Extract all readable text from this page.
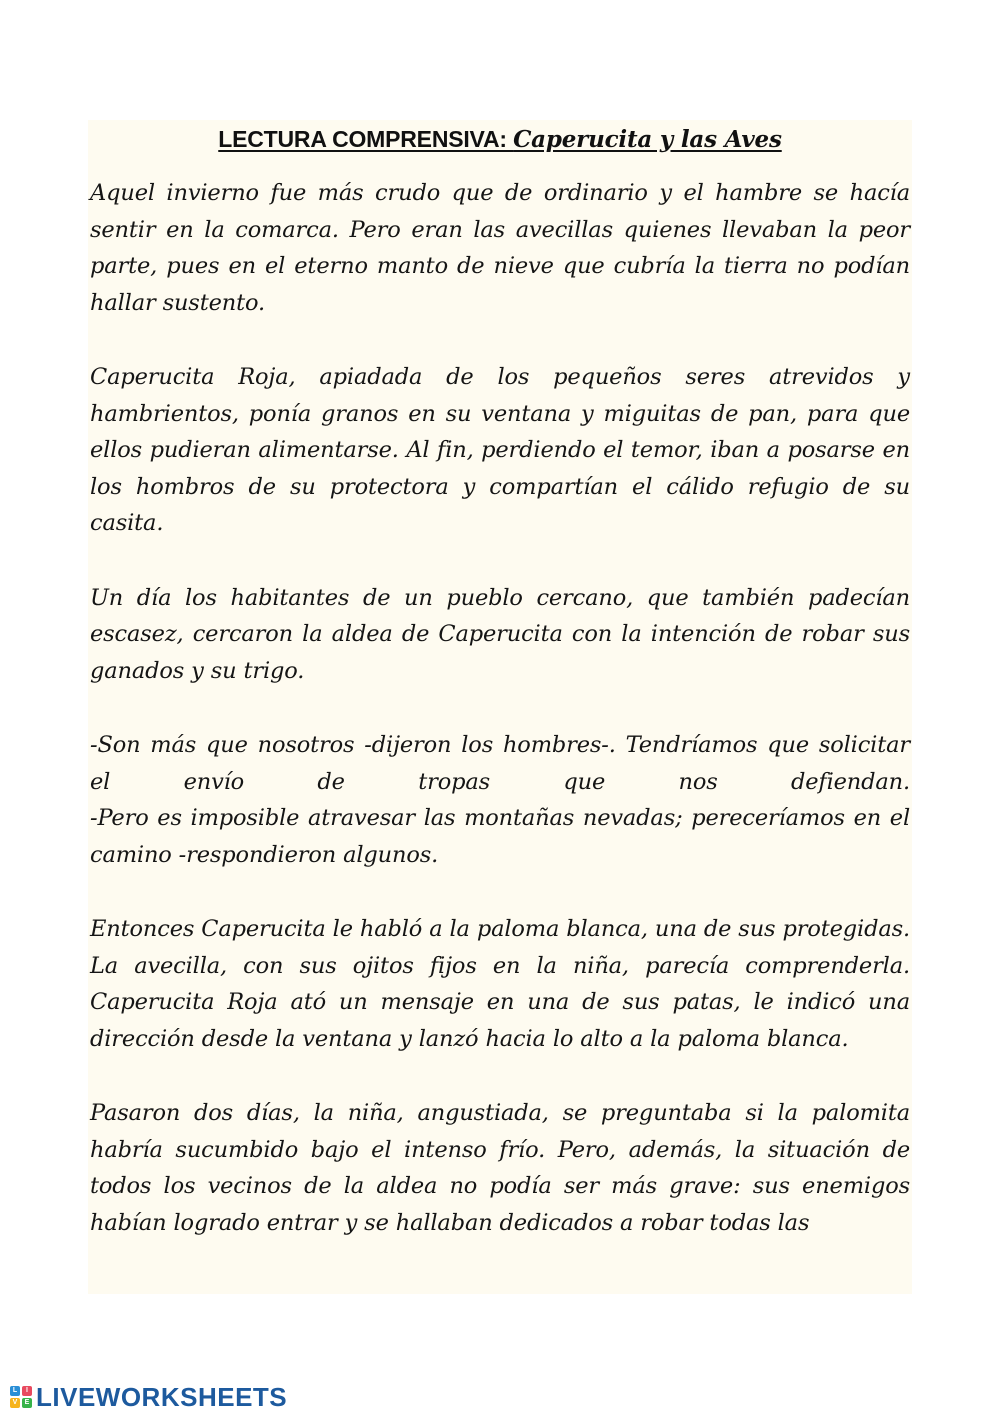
LECTURA COMPRENSIVA: Caperucita y las Aves

Aquel invierno fue más crudo que de ordinario y el hambre se hacía sentir en la comarca. Pero eran las avecillas quienes llevaban la peor parte, pues en el eterno manto de nieve que cubría la tierra no podían hallar sustento.

Caperucita Roja, apiadada de los pequeños seres atrevidos y hambrientos, ponía granos en su ventana y miguitas de pan, para que ellos pudieran alimentarse. Al fin, perdiendo el temor, iban a posarse en los hombros de su protectora y compartían el cálido refugio de su casita.

Un día los habitantes de un pueblo cercano, que también padecían escasez, cercaron la aldea de Caperucita con la intención de robar sus ganados y su trigo.

-Son más que nosotros -dijeron los hombres-. Tendríamos que solicitar el envío de tropas que nos defiendan.
-Pero es imposible atravesar las montañas nevadas; pereceríamos en el camino -respondieron algunos.

Entonces Caperucita le habló a la paloma blanca, una de sus protegidas. La avecilla, con sus ojitos fijos en la niña, parecía comprenderla. Caperucita Roja ató un mensaje en una de sus patas, le indicó una dirección desde la ventana y lanzó hacia lo alto a la paloma blanca.

Pasaron dos días, la niña, angustiada, se preguntaba si la palomita habría sucumbido bajo el intenso frío. Pero, además, la situación de todos los vecinos de la aldea no podía ser más grave: sus enemigos habían logrado entrar y se hallaban dedicados a robar todas las

L	I
V	E LIVEWORKSHEETS
